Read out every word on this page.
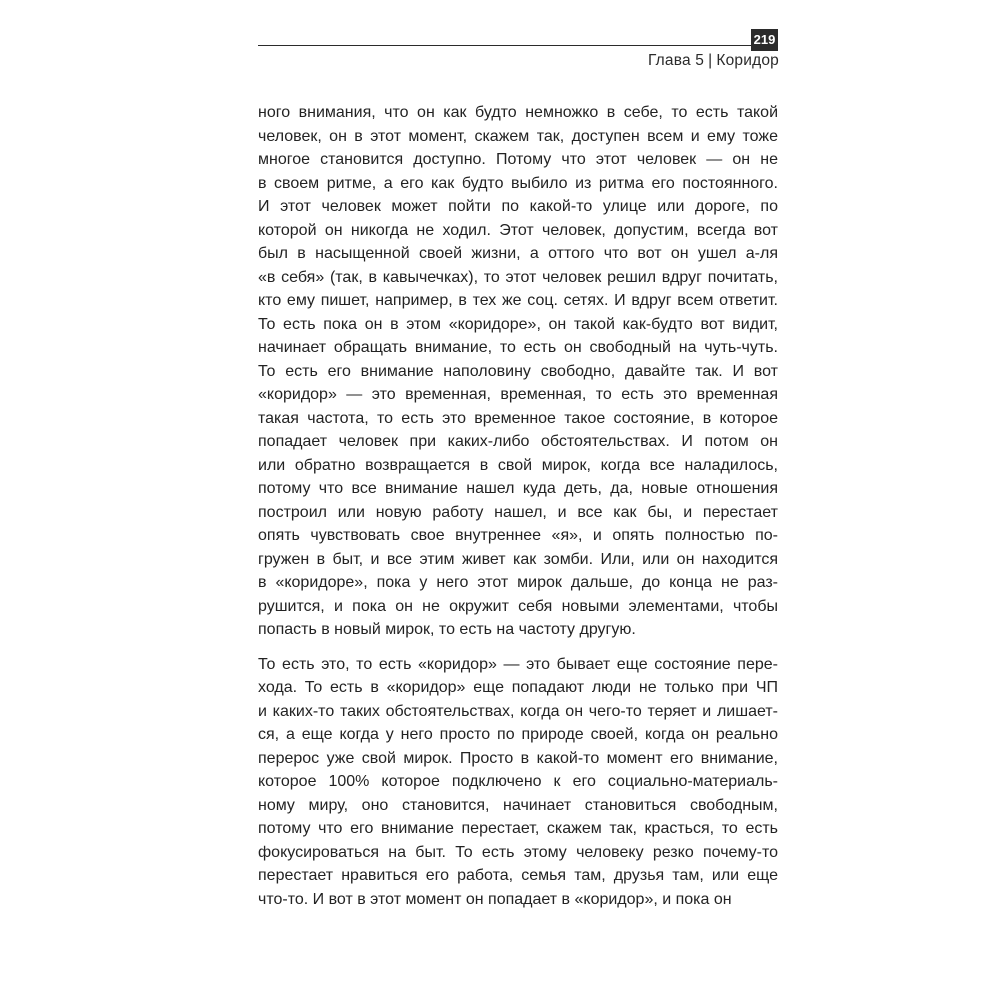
219
Глава 5 | Коридор

ного внимания, что он как будто немножко в себе, то есть такой
человек, он в этот момент, скажем так, доступен всем и ему тоже
многое становится доступно. Потому что этот человек — он не
в своем ритме, а его как будто выбило из ритма его постоянного.
И этот человек может пойти по какой-то улице или дороге, по
которой он никогда не ходил. Этот человек, допустим, всегда вот
был в насыщенной своей жизни, а оттого что вот он ушел а-ля
«в себя» (так, в кавычечках), то этот человек решил вдруг почитать,
кто ему пишет, например, в тех же соц. сетях. И вдруг всем ответит.
То есть пока он в этом «коридоре», он такой как-будто вот видит,
начинает обращать внимание, то есть он свободный на чуть-чуть.
То есть его внимание наполовину свободно, давайте так. И вот
«коридор» — это временная, временная, то есть это временная
такая частота, то есть это временное такое состояние, в которое
попадает человек при каких-либо обстоятельствах. И потом он
или обратно возвращается в свой мирок, когда все наладилось,
потому что все внимание нашел куда деть, да, новые отношения
построил или новую работу нашел, и все как бы, и перестает
опять чувствовать свое внутреннее «я», и опять полностью по-
гружен в быт, и все этим живет как зомби. Или, или он находится
в «коридоре», пока у него этот мирок дальше, до конца не раз-
рушится, и пока он не окружит себя новыми элементами, чтобы
попасть в новый мирок, то есть на частоту другую.

То есть это, то есть «коридор» — это бывает еще состояние пере-
хода. То есть в «коридор» еще попадают люди не только при ЧП
и каких-то таких обстоятельствах, когда он чего-то теряет и лишает-
ся, а еще когда у него просто по природе своей, когда он реально
перерос уже свой мирок. Просто в какой-то момент его внимание,
которое 100% которое подключено к его социально-материаль-
ному миру, оно становится, начинает становиться свободным,
потому что его внимание перестает, скажем так, красться, то есть
фокусироваться на быт. То есть этому человеку резко почему-то
перестает нравиться его работа, семья там, друзья там, или еще
что-то. И вот в этот момент он попадает в «коридор», и пока он
